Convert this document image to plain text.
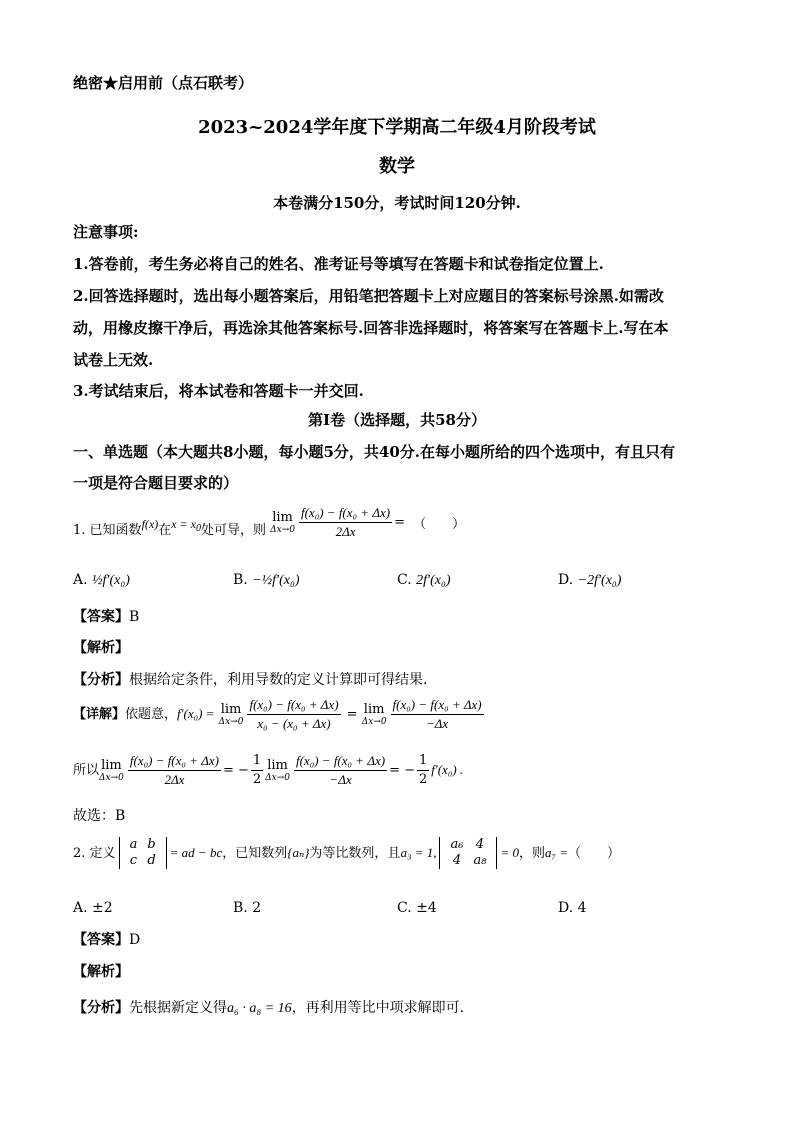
绝密★启用前（点石联考）
2023~2024学年度下学期高二年级4月阶段考试
数学
本卷满分150分，考试时间120分钟.
注意事项:
1.答卷前，考生务必将自己的姓名、准考证号等填写在答题卡和试卷指定位置上.
2.回答选择题时，选出每小题答案后，用铅笔把答题卡上对应题目的答案标号涂黑.如需改
动，用橡皮擦干净后，再选涂其他答案标号.回答非选择题时，将答案写在答题卡上.写在本
试卷上无效.
3.考试结束后，将本试卷和答题卡一并交回.
第I卷（选择题，共58分）
一、单选题（本大题共8小题，每小题5分，共40分.在每小题所给的四个选项中，有且只有
一项是符合题目要求的）
1. 已知函数f(x)在$x = x_0$处可导，则
lim
$\Delta x\to 0 \frac{\text{f(x₀) − f(x₀ + Δx)}}{2\Delta x}$ = （　　）
A. ½f′(x₀)	B. −½f′(x₀)	C. 2f′(x₀)	D. −2f′(x₀)
【答案】B
【解析】
【分析】根据给定条件，利用导数的定义计算即可得结果.
【详解】依题意，f′(x₀) = lim
$\Delta x\to 0 \frac{\text{f(x₀) − f(x₀ + Δx)}}{\text{x₀ − (x₀ + Δx)}} = \lim$
$\Delta x\to 0 \frac{\text{f(x₀) − f(x₀ + Δx)}}{-\Delta x}$
所以 lim
$\Delta x\to 0 \frac{\text{f(x₀) − f(x₀ + Δx)}}{2\Delta x}$ = − $\frac{1}{2}$ lim
$\Delta x\to 0 \frac{\text{f(x₀) − f(x₀ + Δx)}}{-\Delta x}$ = − $\frac{1}{2} f'(x_0)$ .
故选：B
2. 定义
a	b
c	d
= ad − bc，已知数列{aₙ}为等比数列，且a₃ = 1, a₆	4
4	a₈
= 0，则a₇ =（　　）
A. ±2	B. 2	C. ±4	D. 4
【答案】D
【解析】
【分析】先根据新定义得a₆ · a₈ = 16，再利用等比中项求解即可.
